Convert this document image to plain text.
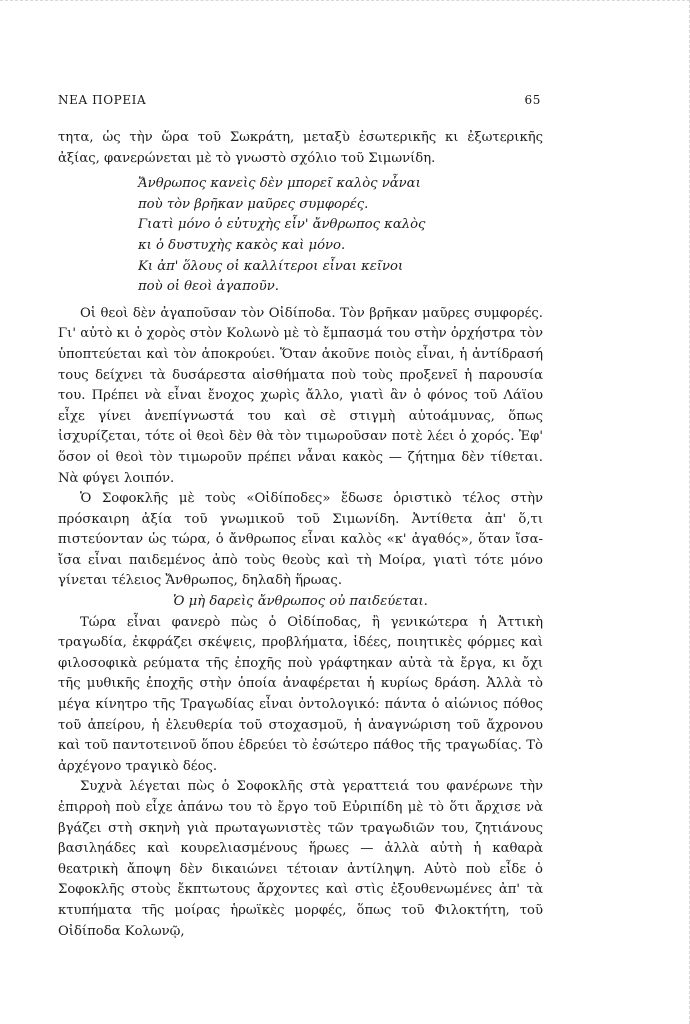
ΝΕΑ ΠΟΡΕΙΑ	65

τητα, ὡς τὴν ὥρα τοῦ Σωκράτη, μεταξὺ ἐσωτερικῆς κι ἐξωτερικῆς ἀξίας, φανερώνεται μὲ τὸ γνωστὸ σχόλιο τοῦ Σιμωνίδη.

Ἄνθρωπος κανεὶς δὲν μπορεῖ καλὸς νἆναι
ποὺ τὸν βρῆκαν μαῦρες συμφορές.
Γιατὶ μόνο ὁ εὐτυχὴς εἶν' ἄνθρωπος καλὸς
κι ὁ δυστυχὴς κακὸς καὶ μόνο.
Κι ἀπ' ὅλους οἱ καλλίτεροι εἶναι κεῖνοι
ποὺ οἱ θεοὶ ἀγαποῦν.

Οἱ θεοὶ δὲν ἀγαποῦσαν τὸν Οἰδίποδα. Τὸν βρῆκαν μαῦρες συμφορές. Γι' αὐτὸ κι ὁ χορὸς στὸν Κολωνὸ μὲ τὸ ἔμπασμά του στὴν ὀρχήστρα τὸν ὑποπτεύεται καὶ τὸν ἀποκρούει. Ὅταν ἀκοῦνε ποιὸς εἶναι, ἡ ἀντίδρασή τους δείχνει τὰ δυσάρεστα αἰσθήματα ποὺ τοὺς προξενεῖ ἡ παρουσία του. Πρέπει νὰ εἶναι ἔνοχος χωρὶς ἄλλο, γιατὶ ἂν ὁ φόνος τοῦ Λάϊου εἶχε γίνει ἀνεπίγνωστά του καὶ σὲ στιγμὴ αὐτοάμυνας, ὅπως ἰσχυρίζεται, τότε οἱ θεοὶ δὲν θὰ τὸν τιμωροῦσαν ποτὲ λέει ὁ χορός. Ἐφ' ὅσον οἱ θεοὶ τὸν τιμωροῦν πρέπει νἆναι κακὸς — ζήτημα δὲν τίθεται. Νὰ φύγει λοιπόν.

Ὁ Σοφοκλῆς μὲ τοὺς «Οἰδίποδες» ἔδωσε ὁριστικὸ τέλος στὴν πρόσκαιρη ἀξία τοῦ γνωμικοῦ τοῦ Σιμωνίδη. Ἀντίθετα ἀπ' ὅ,τι πιστεύονταν ὡς τώρα, ὁ ἄνθρωπος εἶναι καλὸς «κ' ἀγαθός», ὅταν ἴσα-ἴσα εἶναι παιδεμένος ἀπὸ τοὺς θεοὺς καὶ τὴ Μοίρα, γιατὶ τότε μόνο γίνεται τέλειος Ἄνθρωπος, δηλαδὴ ἥρωας.

Ὁ μὴ δαρεὶς ἄνθρωπος οὐ παιδεύεται.

Τώρα εἶναι φανερὸ πὼς ὁ Οἰδίποδας, ἢ γενικώτερα ἡ Ἀττικὴ τραγωδία, ἐκφράζει σκέψεις, προβλήματα, ἰδέες, ποιητικὲς φόρμες καὶ φιλοσοφικὰ ρεύματα τῆς ἐποχῆς ποὺ γράφτηκαν αὐτὰ τὰ ἔργα, κι ὄχι τῆς μυθικῆς ἐποχῆς στὴν ὁποία ἀναφέρεται ἡ κυρίως δράση. Ἀλλὰ τὸ μέγα κίνητρο τῆς Τραγωδίας εἶναι ὀντολογικό: πάντα ὁ αἰώνιος πόθος τοῦ ἀπείρου, ἡ ἐλευθερία τοῦ στοχασμοῦ, ἡ ἀναγνώριση τοῦ ἄχρονου καὶ τοῦ παντοτεινοῦ ὅπου ἑδρεύει τὸ ἐσώτερο πάθος τῆς τραγωδίας. Τὸ ἀρχέγονο τραγικὸ δέος.

Συχνὰ λέγεται πὼς ὁ Σοφοκλῆς στὰ γεραττειά του φανέρωνε τὴν ἐπιρροὴ ποὺ εἶχε ἀπάνω του τὸ ἔργο τοῦ Εὐριπίδη μὲ τὸ ὅτι ἄρχισε νὰ βγάζει στὴ σκηνὴ γιὰ πρωταγωνιστὲς τῶν τραγωδιῶν του, ζητιάνους βασιληάδες καὶ κουρελιασμένους ἥρωες — ἀλλὰ αὐτὴ ἡ καθαρὰ θεατρικὴ ἄποψη δὲν δικαιώνει τέτοιαν ἀντίληψη. Αὐτὸ ποὺ εἶδε ὁ Σοφοκλῆς στοὺς ἔκπτωτους ἄρχοντες καὶ στὶς ἐξουθενωμένες ἀπ' τὰ κτυπήματα τῆς μοίρας ἡρωϊκὲς μορφές, ὅπως τοῦ Φιλοκτήτη, τοῦ Οἰδίποδα Κολωνῷ,
